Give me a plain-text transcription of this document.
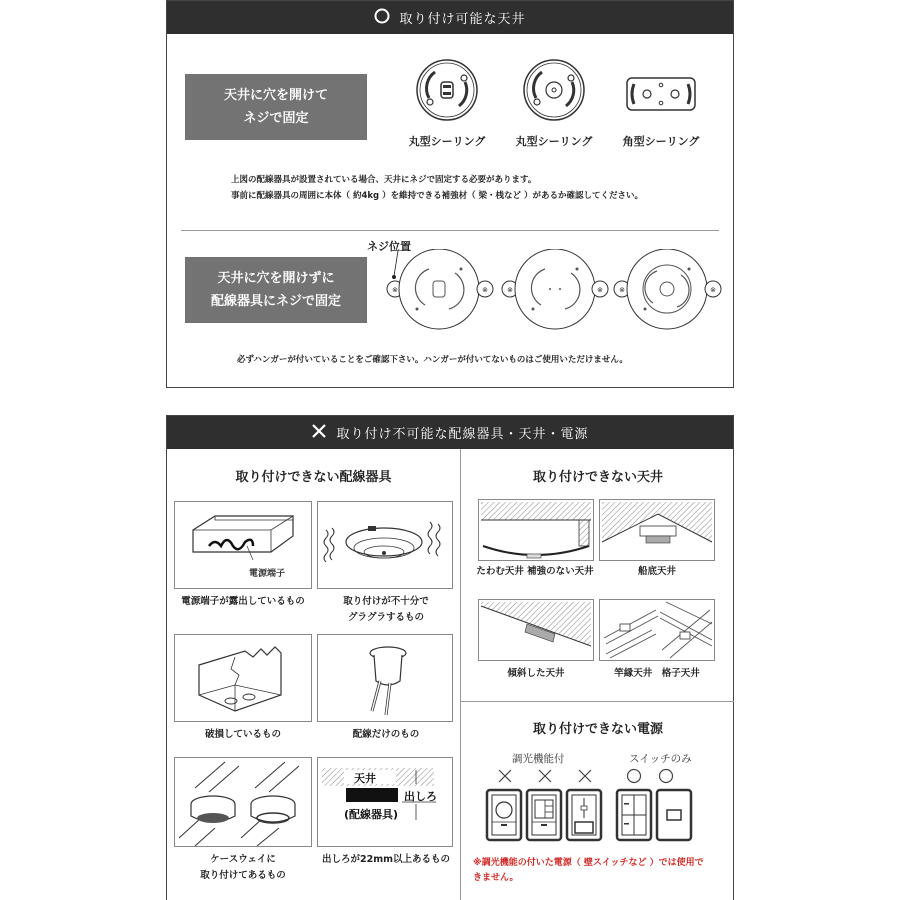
取り付け可能な天井
天井に穴を開けて
ネジで固定
丸型シーリング	丸型シーリング	角型シーリング
上図の配線器具が設置されている場合、天井にネジで固定する必要があります。
事前に配線器具の周囲に本体（ 約4kg ）を維持できる補強材（ 梁・桟など ）があるか確認してください。
天井に穴を開けずに
配線器具にネジで固定
ネジ位置
⊗	⊗	⊗	⊗ ⊗	⊗
必ずハンガーが付いていることをご確認下さい。ハンガーが付いてないものはご使用いただけません。
取り付け不可能な配線器具・天井・電源
取り付けできない配線器具
電源端子
電源端子が露出しているもの	取り付けが不十分で
グラグラするもの
破損しているもの	配線だけのもの
ケースウェイに
取り付けてあるもの
天井
出しろ
(配線器具)
出しろが22mm以上あるもの
取り付けできない天井
たわむ天井 補強のない天井	船底天井
傾斜した天井	竿縁天井　格子天井
取り付けできない電源
調光機能付	スイッチのみ
※調光機能の付いた電源（ 壁スイッチなど ）では使用で
きません。
